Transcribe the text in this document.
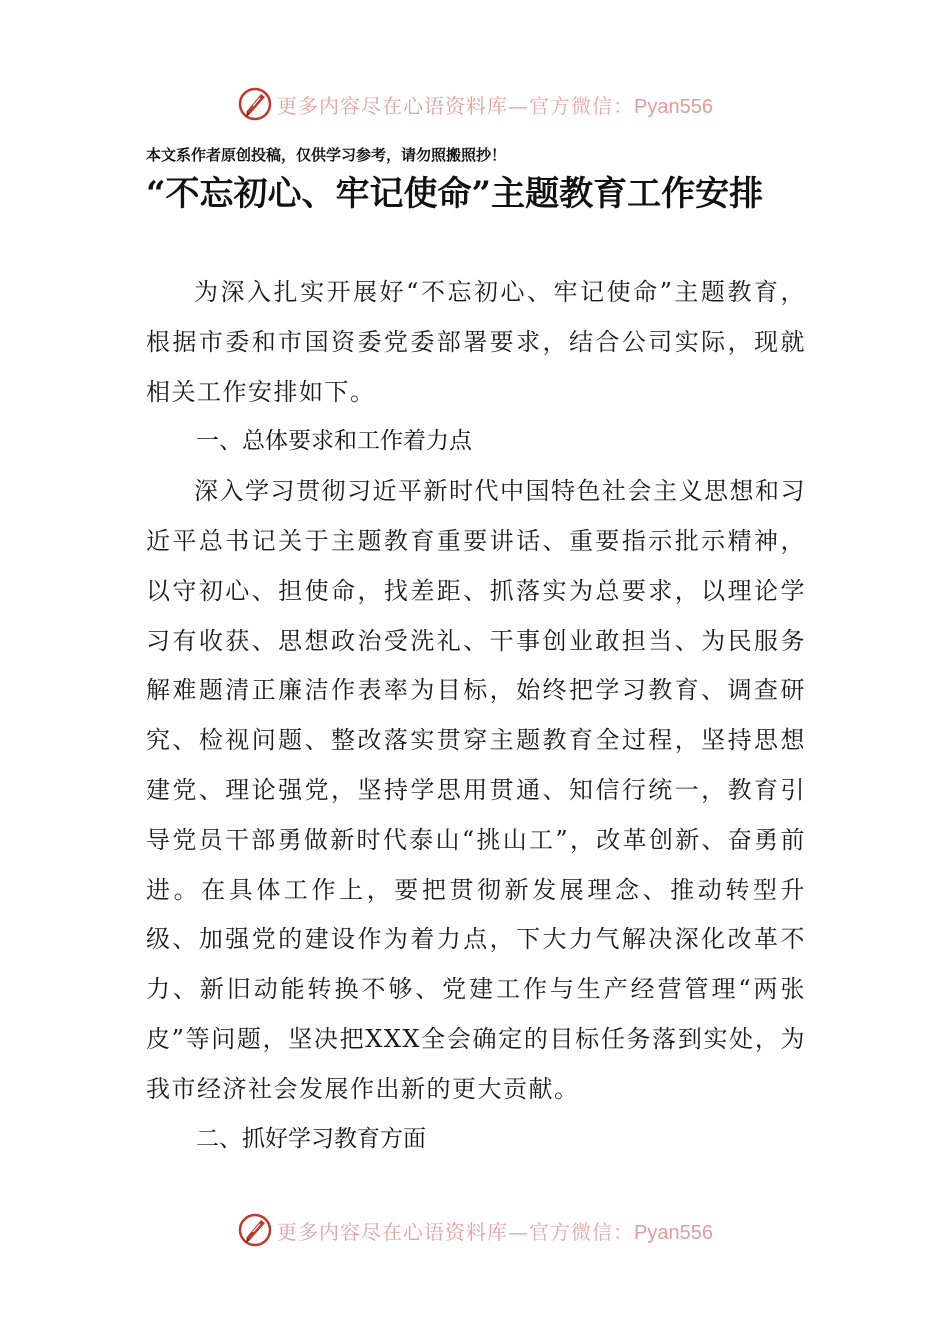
更多内容尽在心语资料库—官方微信：Pyan556
本文系作者原创投稿，仅供学习参考，请勿照搬照抄！
“不忘初心、牢记使命”主题教育工作安排

为深入扎实开展好“不忘初心、牢记使命”主题教育，根据市委和市国资委党委部署要求，结合公司实际，现就相关工作安排如下。

一、总体要求和工作着力点

深入学习贯彻习近平新时代中国特色社会主义思想和习近平总书记关于主题教育重要讲话、重要指示批示精神，以守初心、担使命，找差距、抓落实为总要求，以理论学习有收获、思想政治受洗礼、干事创业敢担当、为民服务解难题清正廉洁作表率为目标，始终把学习教育、调查研究、检视问题、整改落实贯穿主题教育全过程，坚持思想建党、理论强党，坚持学思用贯通、知信行统一，教育引导党员干部勇做新时代泰山“挑山工”，改革创新、奋勇前进。在具体工作上，要把贯彻新发展理念、推动转型升级、加强党的建设作为着力点，下大力气解决深化改革不力、新旧动能转换不够、党建工作与生产经营管理“两张皮”等问题，坚决把XXX全会确定的目标任务落到实处，为我市经济社会发展作出新的更大贡献。

二、抓好学习教育方面
更多内容尽在心语资料库—官方微信：Pyan556
